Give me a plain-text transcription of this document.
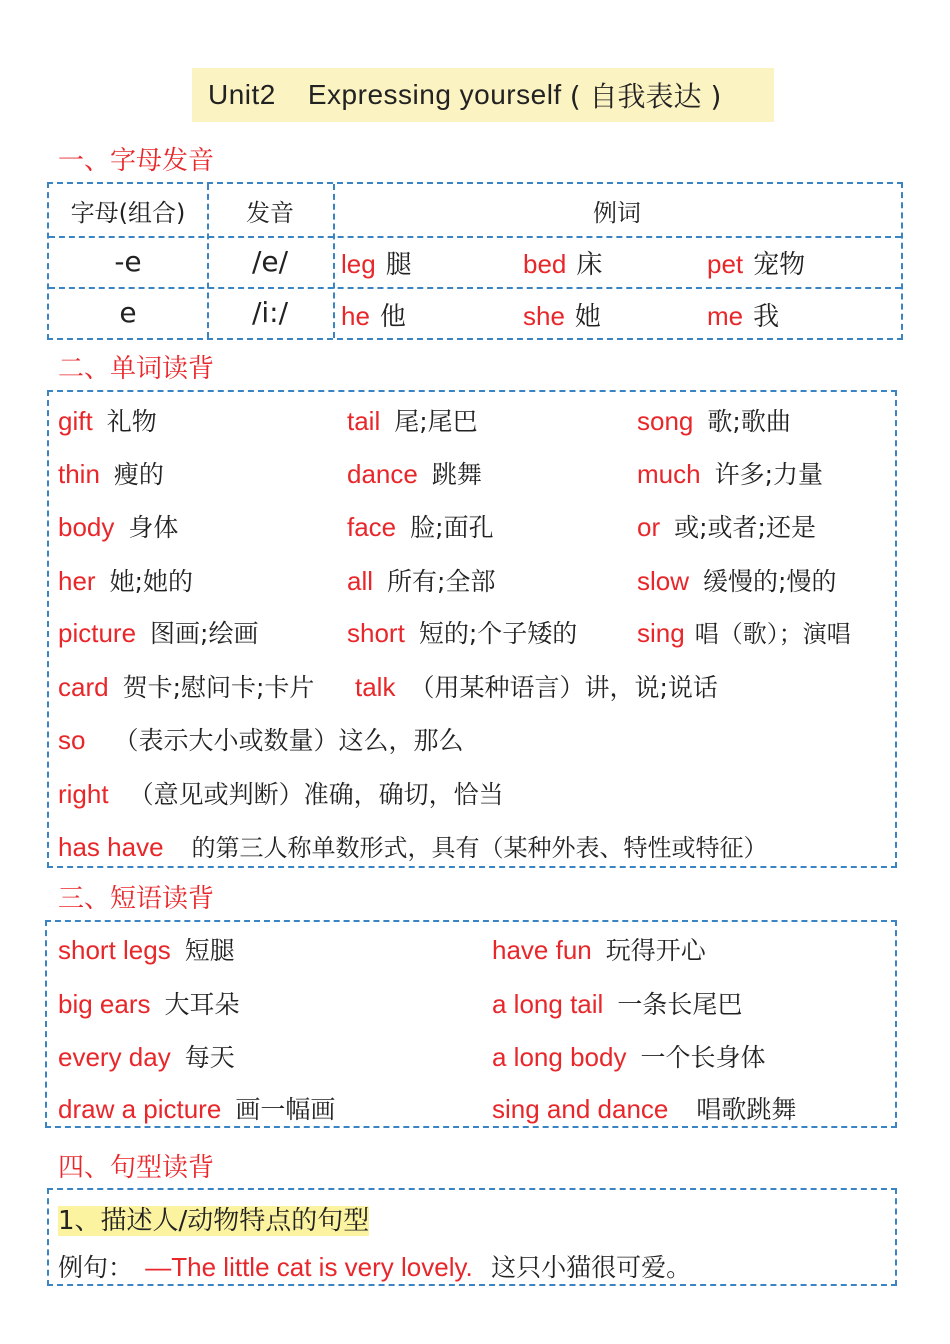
Unit2 Expressing yourself ( 自我表达 )
一、字母发音
字母(组合)	发音	例词
-e	/e/	leg 腿	bed 床	pet 宠物
e	/i:/	he 他	she 她	me 我
二、单词读背
gift 礼物	tail 尾;尾巴	song 歌;歌曲
thin 瘦的	dance 跳舞	much 许多;力量
body 身体	face 脸;面孔	or 或;或者;还是
her 她;她的	all 所有;全部	slow 缓慢的;慢的
picture 图画;绘画	short 短的;个子矮的 sing 唱（歌）；演唱
card 贺卡;慰问卡;卡片 talk （用某种语言）讲，说;说话
so （表示大小或数量）这么，那么
right （意见或判断）准确，确切，恰当
has have 的第三人称单数形式，具有（某种外表、特性或特征）
三、短语读背
short legs 短腿	have fun 玩得开心
big ears 大耳朵	a long tail 一条长尾巴
every day 每天	a long body 一个长身体
draw a picture 画一幅画	sing and dance 唱歌跳舞
四、句型读背
1、描述人/动物特点的句型
例句： —The little cat is very lovely. 这只小猫很可爱。
